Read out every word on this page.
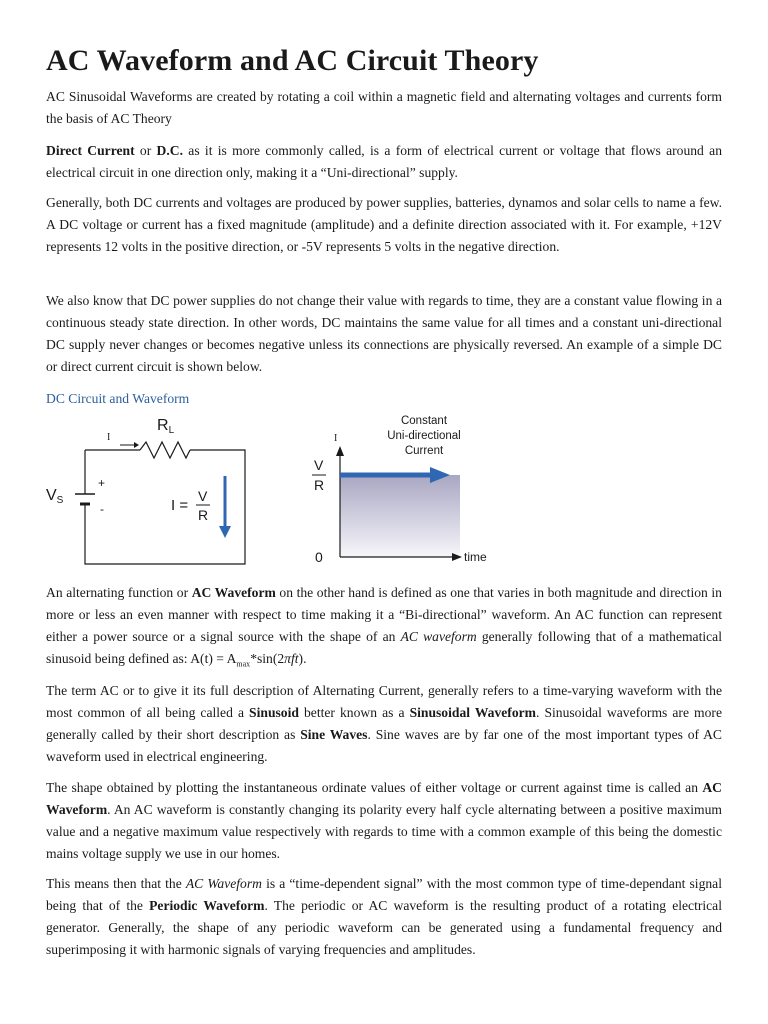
AC Waveform and AC Circuit Theory

AC Sinusoidal Waveforms are created by rotating a coil within a magnetic field and alternating voltages and currents form the basis of AC Theory

Direct Current or D.C. as it is more commonly called, is a form of electrical current or voltage that flows around an electrical circuit in one direction only, making it a “Uni-directional” supply.

Generally, both DC currents and voltages are produced by power supplies, batteries, dynamos and solar cells to name a few. A DC voltage or current has a fixed magnitude (amplitude) and a definite direction associated with it. For example, +12V represents 12 volts in the positive direction, or -5V represents 5 volts in the negative direction.

We also know that DC power supplies do not change their value with regards to time, they are a constant value flowing in a continuous steady state direction. In other words, DC maintains the same value for all times and a constant uni-directional DC supply never changes or becomes negative unless its connections are physically reversed. An example of a simple DC or direct current circuit is shown below.

DC Circuit and Waveform

I
RL
VS
+
-	I =
V
R
I
V
R
0	time
Constant
Uni-directional
Current

An alternating function or AC Waveform on the other hand is defined as one that varies in both magnitude and direction in more or less an even manner with respect to time making it a “Bi-directional” waveform. An AC function can represent either a power source or a signal source with the shape of an AC waveform generally following that of a mathematical sinusoid being defined as: $A(t) = A_{max}*\sin(2\pi ft)$.

The term AC or to give it its full description of Alternating Current, generally refers to a time-varying waveform with the most common of all being called a Sinusoid better known as a Sinusoidal Waveform. Sinusoidal waveforms are more generally called by their short description as Sine Waves. Sine waves are by far one of the most important types of AC waveform used in electrical engineering.

The shape obtained by plotting the instantaneous ordinate values of either voltage or current against time is called an AC Waveform. An AC waveform is constantly changing its polarity every half cycle alternating between a positive maximum value and a negative maximum value respectively with regards to time with a common example of this being the domestic mains voltage supply we use in our homes.

This means then that the AC Waveform is a “time-dependent signal” with the most common type of time-dependant signal being that of the Periodic Waveform. The periodic or AC waveform is the resulting product of a rotating electrical generator. Generally, the shape of any periodic waveform can be generated using a fundamental frequency and superimposing it with harmonic signals of varying frequencies and amplitudes.
